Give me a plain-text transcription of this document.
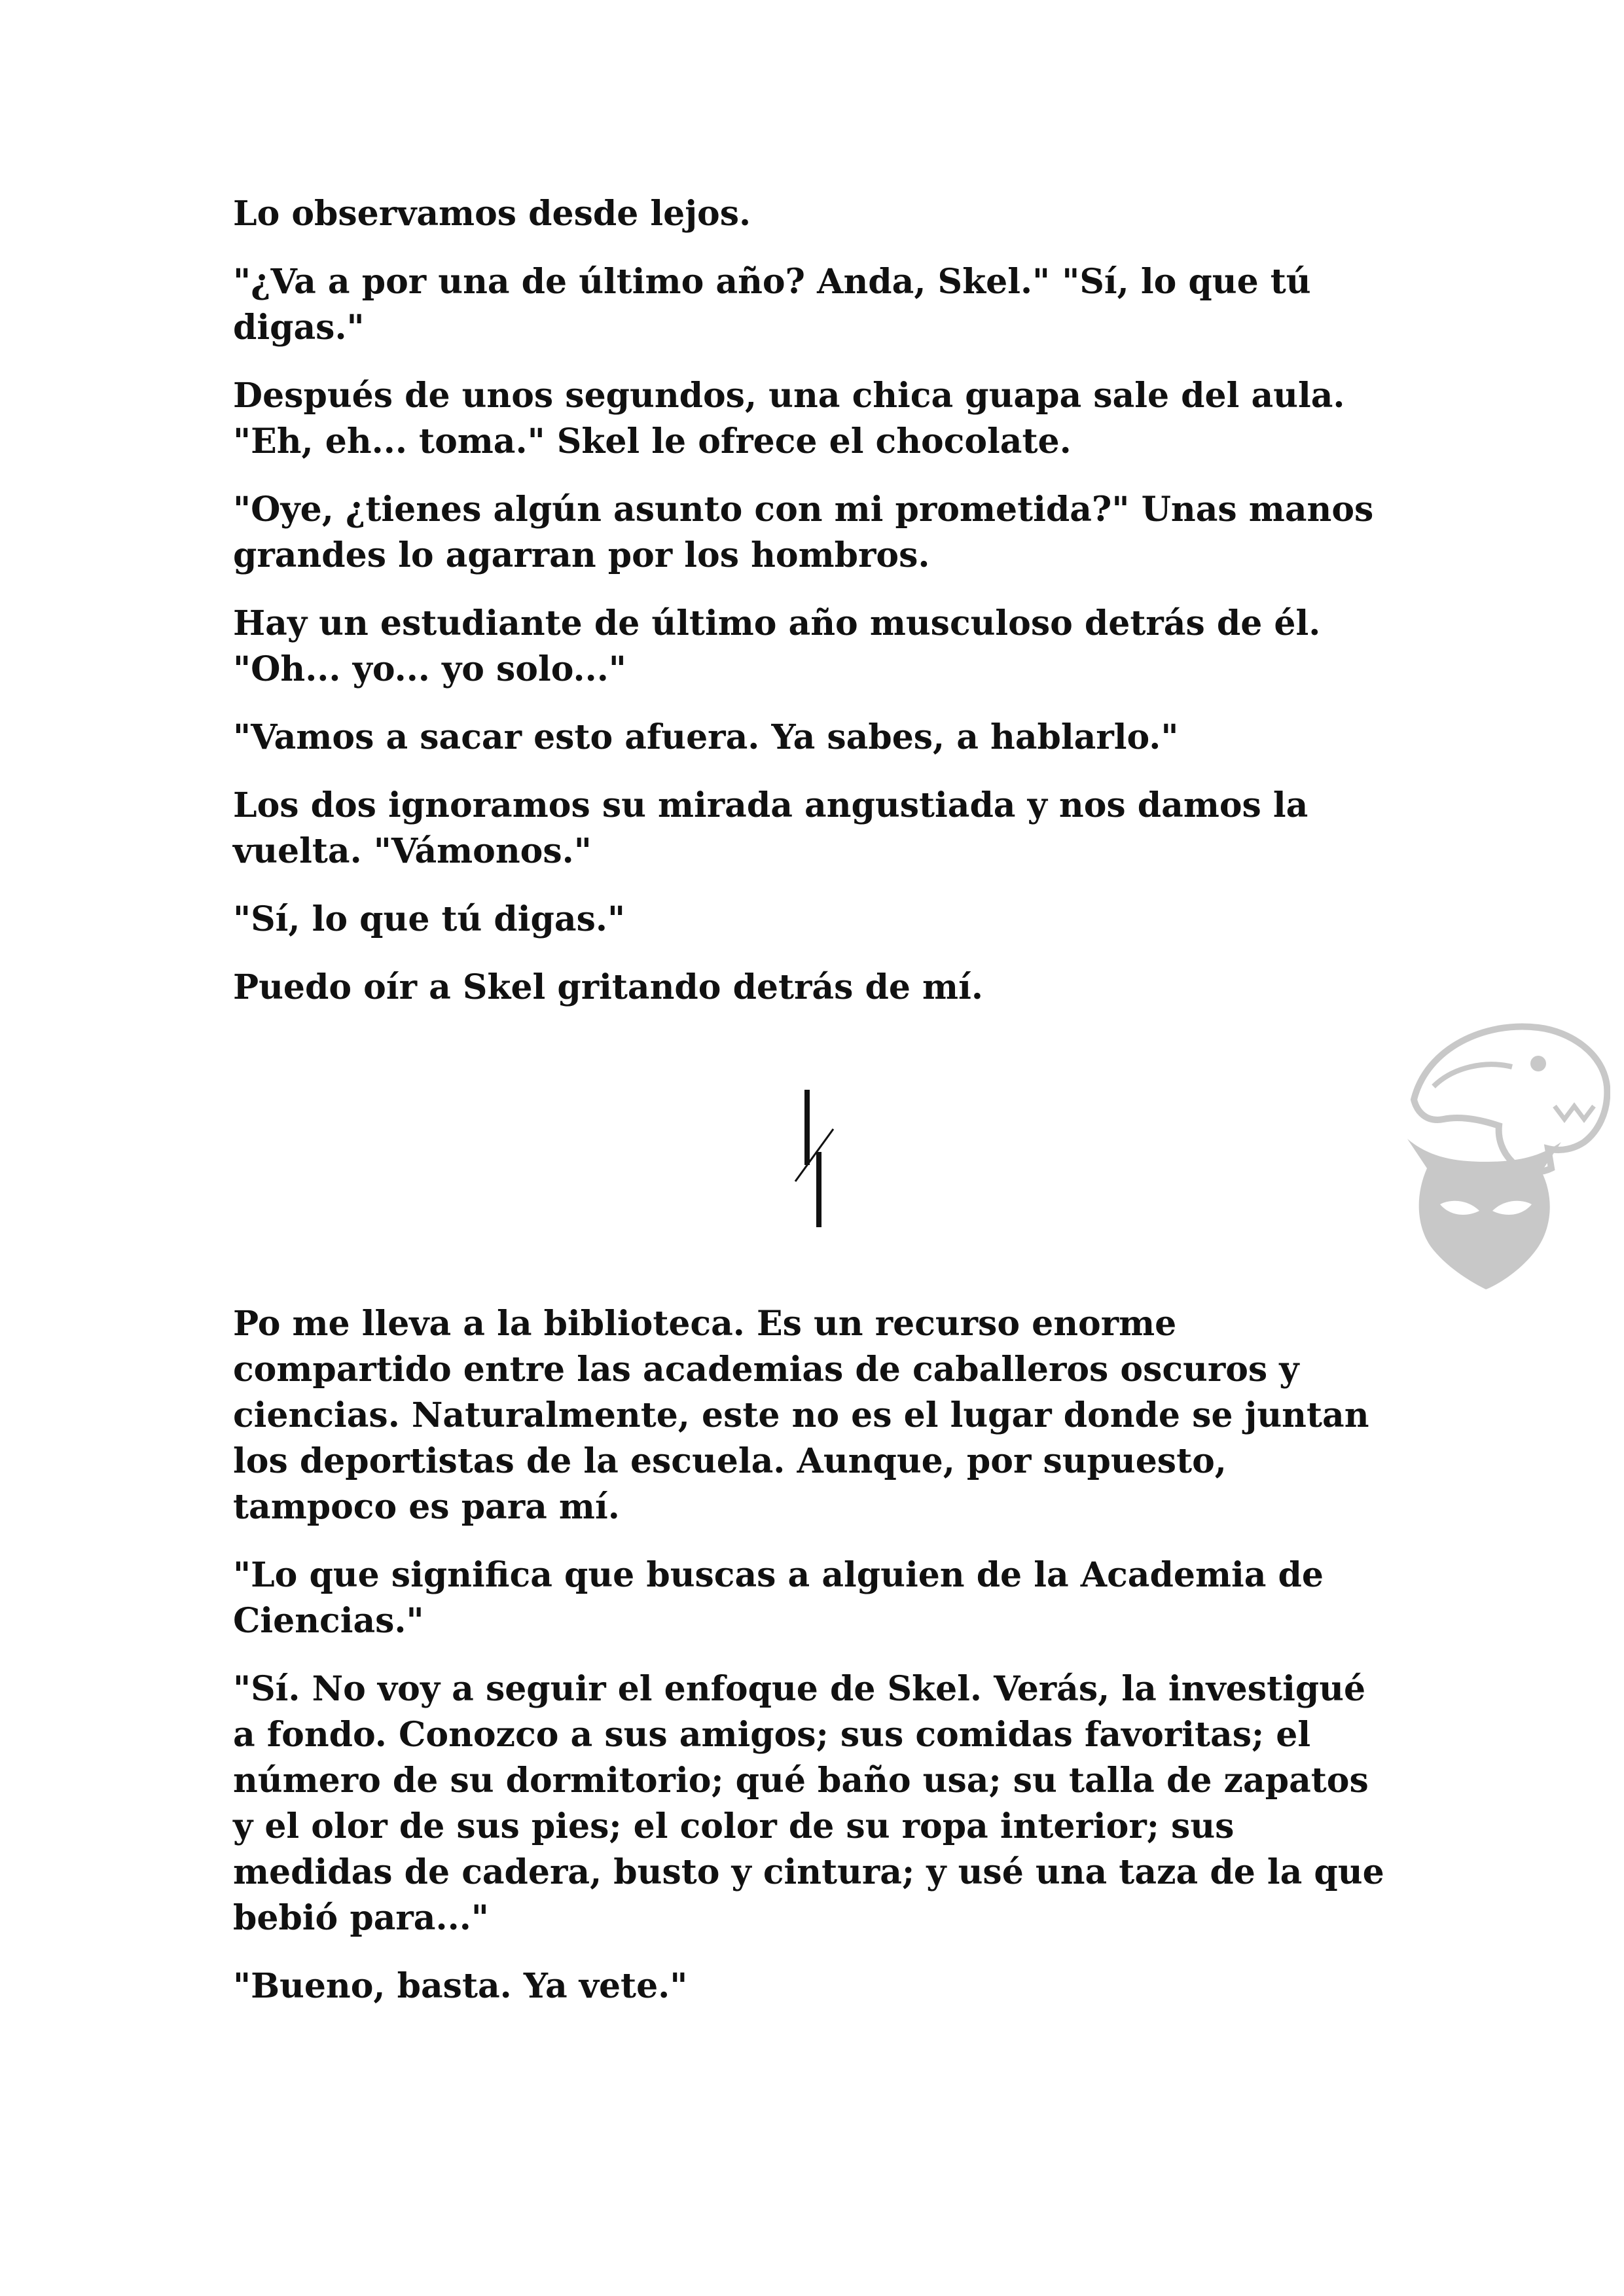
Lo observamos desde lejos.

"¿Va a por una de último año? Anda, Skel." "Sí, lo que tú digas."

Después de unos segundos, una chica guapa sale del aula. "Eh, eh... toma." Skel le ofrece el chocolate.

"Oye, ¿tienes algún asunto con mi prometida?" Unas manos grandes lo agarran por los hombros.

Hay un estudiante de último año musculoso detrás de él. "Oh... yo... yo solo..."

"Vamos a sacar esto afuera. Ya sabes, a hablarlo."

Los dos ignoramos su mirada angustiada y nos damos la vuelta. "Vámonos."

"Sí, lo que tú digas."

Puedo oír a Skel gritando detrás de mí.

Po me lleva a la biblioteca. Es un recurso enorme compartido entre las academias de caballeros oscuros y ciencias. Naturalmente, este no es el lugar donde se juntan los deportistas de la escuela. Aunque, por supuesto, tampoco es para mí.

"Lo que significa que buscas a alguien de la Academia de Ciencias."

"Sí. No voy a seguir el enfoque de Skel. Verás, la investigué a fondo. Conozco a sus amigos; sus comidas favoritas; el número de su dormitorio; qué baño usa; su talla de zapatos y el olor de sus pies; el color de su ropa interior; sus medidas de cadera, busto y cintura; y usé una taza de la que bebió para..."

"Bueno, basta. Ya vete."
